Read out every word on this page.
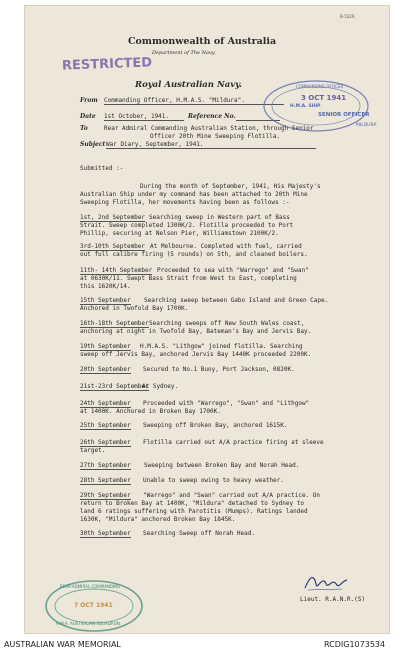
B-5229
Commonwealth of Australia
Department of The Navy.
RESTRICTED
Royal Australian Navy.
From Commanding Officer, H.M.A.S. "Mildura".
Date 1st October, 1941.	Reference No.
To	Rear Admiral Commanding Australian Station, through Senior
Officer 20th Mine Sweeping Flotilla.
Subject War Diary, September, 1941.
COMMANDING OFFICER
3 OCT 1941
H.M.A. SHIP
SENIOR OFFICER
MILDURA
Submitted :-
During the month of September, 1941, His Majesty's
Australian Ship under my command has been attached to 20th Mine
Sweeping Flotilla, her movements having been as follows :-
1st, 2nd September Searching sweep in Western part of Bass
Strait. Sweep completed 1300K/2. Flotilla proceeded to Port
Phillip, securing at Nelson Pier, Williamstown 2100K/2.
3rd-10th September At Melbourne. Completed with fuel, carried
out full calibre firing (5 rounds) on 5th, and cleaned boilers.
11th- 14th September Proceeded to sea with "Warrego" and "Swan"
at 0630K/11. Swept Bass Strait from West to East, completing
this 1620K/14.
15th September Searching sweep between Gabo Island and Green Cape.
Anchored in Twofold Bay 1700K.
16th-18th September Searching sweeps off New South Wales coast,
anchoring at night in Twofold Bay, Bateman's Bay and Jervis Bay.
19th September H.M.A.S. "Lithgow" joined flotilla. Searching
sweep off Jervis Bay, anchored Jervis Bay 1440K proceeded 2200K.
20th September Secured to No.1 Buoy, Port Jackson, 0820K.
21st-23rd September
At Sydney.
24th September Proceeded with "Warrego", "Swan" and "Lithgow"
at 1400K. Anchored in Broken Bay 1700K.
25th September Sweeping off Broken Bay, anchored 1615K.
26th September Flotilla carried out A/A practice firing at sleeve
target.
27th September Sweeping between Broken Bay and Norah Head.
28th September Unable to sweep owing to heavy weather.
29th September "Warrego" and "Swan" carried out A/A practice. On
return to Broken Bay at 1400K, "Mildura" detached to Sydney to
land 6 ratings suffering with Parotitis (Mumps). Ratings landed
1630K, "Mildura" anchored Broken Bay 1845K.
30th September Searching Sweep off Norah Head.
Lieut. R.A.N.R.(S)
REAR-ADMIRAL COMMANDING
7 OCT 1941
H.M.A. AUSTRALIAN SQUADRON
AUSTRALIAN WAR MEMORIAL	RCDIG1073534
